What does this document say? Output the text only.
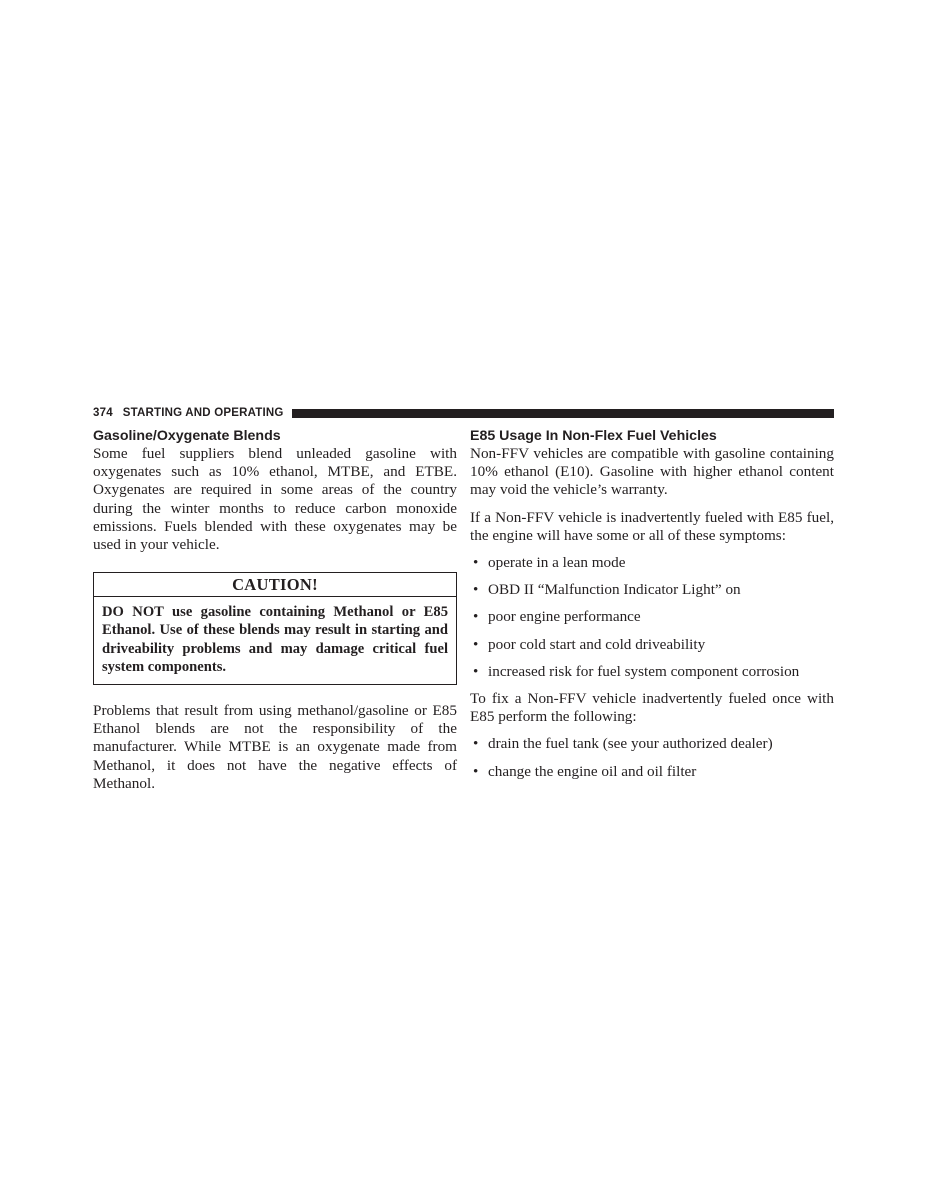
374 STARTING AND OPERATING
Gasoline/Oxygenate Blends

Some fuel suppliers blend unleaded gasoline with oxygenates such as 10% ethanol, MTBE, and ETBE. Oxygenates are required in some areas of the country during the winter months to reduce carbon monoxide emissions. Fuels blended with these oxygenates may be used in your vehicle.

CAUTION!
DO NOT use gasoline containing Methanol or E85 Ethanol. Use of these blends may result in starting and driveability problems and may damage critical fuel system components.

Problems that result from using methanol/gasoline or E85 Ethanol blends are not the responsibility of the manufacturer. While MTBE is an oxygenate made from Methanol, it does not have the negative effects of Methanol.

E85 Usage In Non-Flex Fuel Vehicles

Non-FFV vehicles are compatible with gasoline containing 10% ethanol (E10). Gasoline with higher ethanol content may void the vehicle’s warranty.

If a Non-FFV vehicle is inadvertently fueled with E85 fuel, the engine will have some or all of these symptoms:

• operate in a lean mode
• OBD II “Malfunction Indicator Light” on
• poor engine performance
• poor cold start and cold driveability
• increased risk for fuel system component corrosion

To fix a Non-FFV vehicle inadvertently fueled once with E85 perform the following:

• drain the fuel tank (see your authorized dealer)
• change the engine oil and oil filter
